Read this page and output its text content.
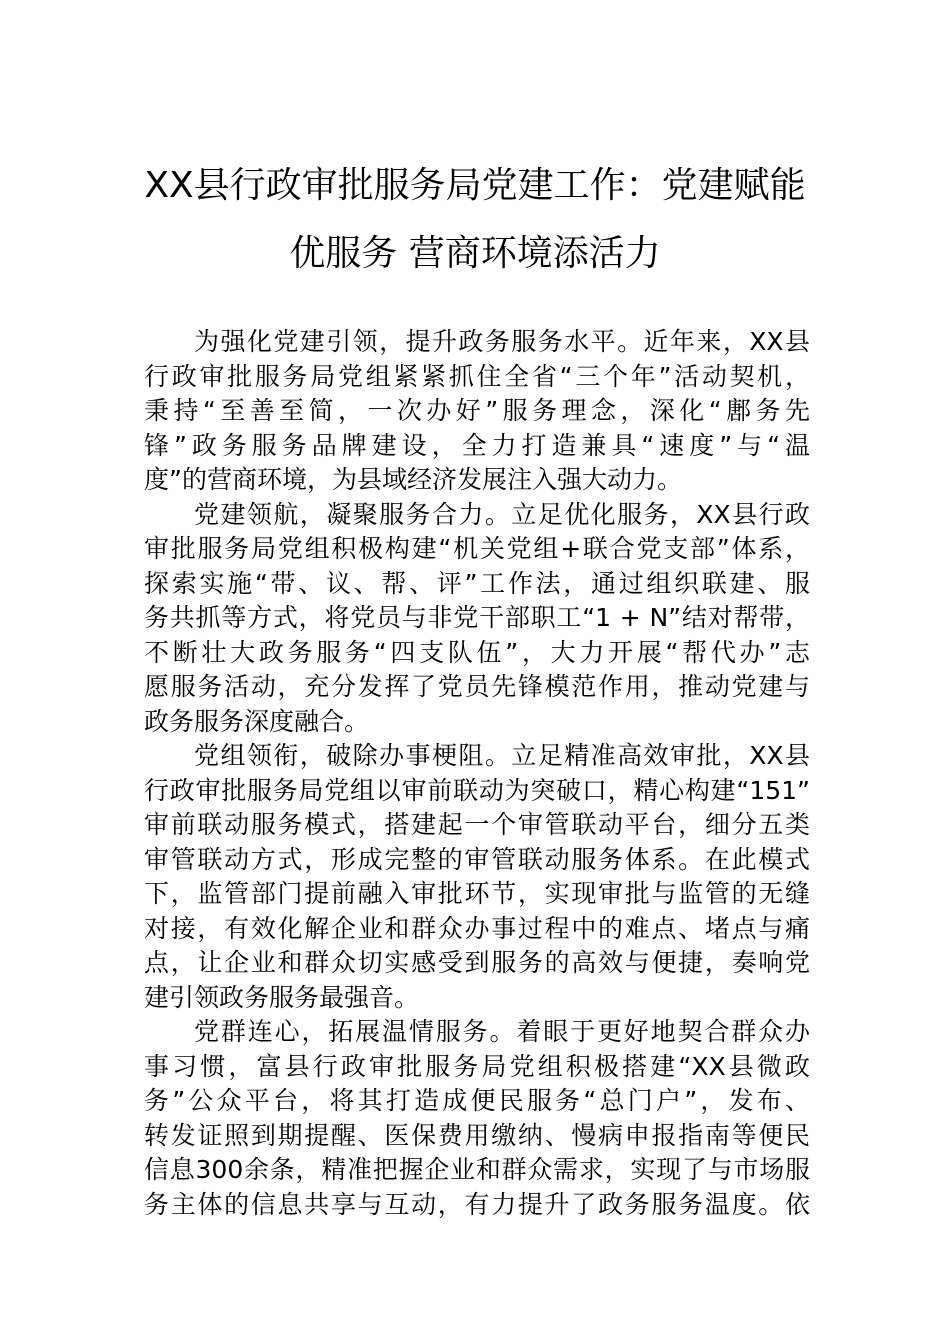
XX县行政审批服务局党建工作：党建赋能
优服务 营商环境添活力
为强化党建引领，提升政务服务水平。近年来，XX县
行政审批服务局党组紧紧抓住全省“三个年”活动契机，
秉持“至善至简，一次办好”服务理念，深化“鄌务先
锋”政务服务品牌建设，全力打造兼具“速度”与“温
度”的营商环境，为县域经济发展注入强大动力。
党建领航，凝聚服务合力。立足优化服务，XX县行政
审批服务局党组积极构建“机关党组+联合党支部”体系，
探索实施“带、议、帮、评”工作法，通过组织联建、服
务共抓等方式，将党员与非党干部职工“1 + N”结对帮带，
不断壮大政务服务“四支队伍”，大力开展“帮代办”志
愿服务活动，充分发挥了党员先锋模范作用，推动党建与
政务服务深度融合。
党组领衔，破除办事梗阻。立足精准高效审批，XX县
行政审批服务局党组以审前联动为突破口，精心构建“151”
审前联动服务模式，搭建起一个审管联动平台，细分五类
审管联动方式，形成完整的审管联动服务体系。在此模式
下，监管部门提前融入审批环节，实现审批与监管的无缝
对接，有效化解企业和群众办事过程中的难点、堵点与痛
点，让企业和群众切实感受到服务的高效与便捷，奏响党
建引领政务服务最强音。
党群连心，拓展温情服务。着眼于更好地契合群众办
事习惯，富县行政审批服务局党组积极搭建“XX县微政
务”公众平台，将其打造成便民服务“总门户”，发布、
转发证照到期提醒、医保费用缴纳、慢病申报指南等便民
信息300余条，精准把握企业和群众需求，实现了与市场服
务主体的信息共享与互动，有力提升了政务服务温度。依
